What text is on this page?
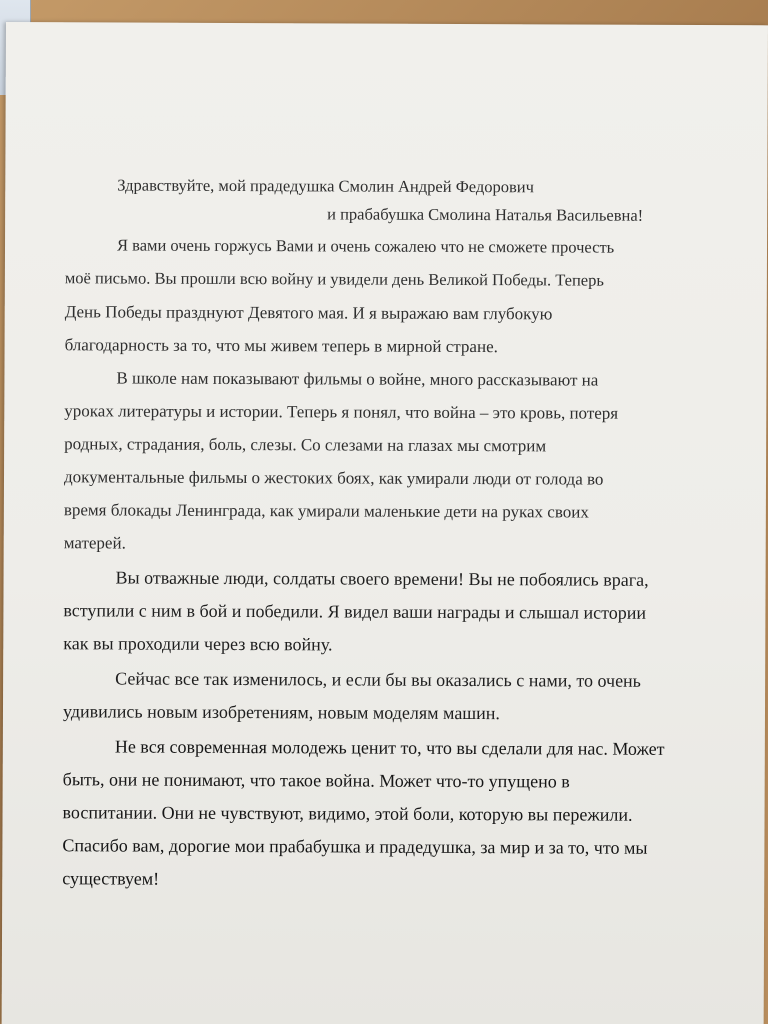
Здравствуйте, мой прадедушка Смолин Андрей Федорович
и прабабушка Смолина Наталья Васильевна!
Я вами очень горжусь Вами и очень сожалею что не сможете прочесть
моё письмо. Вы прошли всю войну и увидели день Великой Победы. Теперь
День Победы празднуют Девятого мая. И я выражаю вам глубокую
благодарность за то, что мы живем теперь в мирной стране.
В школе нам показывают фильмы о войне, много рассказывают на
уроках литературы и истории. Теперь я понял, что война – это кровь, потеря
родных, страдания, боль, слезы. Со слезами на глазах мы смотрим
документальные фильмы о жестоких боях, как умирали люди от голода во
время блокады Ленинграда, как умирали маленькие дети на руках своих
матерей.
Вы отважные люди, солдаты своего времени! Вы не побоялись врага,
вступили с ним в бой и победили. Я видел ваши награды и слышал истории
как вы проходили через всю войну.
Сейчас все так изменилось, и если бы вы оказались с нами, то очень
удивились новым изобретениям, новым моделям машин.
Не вся современная молодежь ценит то, что вы сделали для нас. Может
быть, они не понимают, что такое война. Может что-то упущено в
воспитании. Они не чувствуют, видимо, этой боли, которую вы пережили.
Спасибо вам, дорогие мои прабабушка и прадедушка, за мир и за то, что мы
существуем!
